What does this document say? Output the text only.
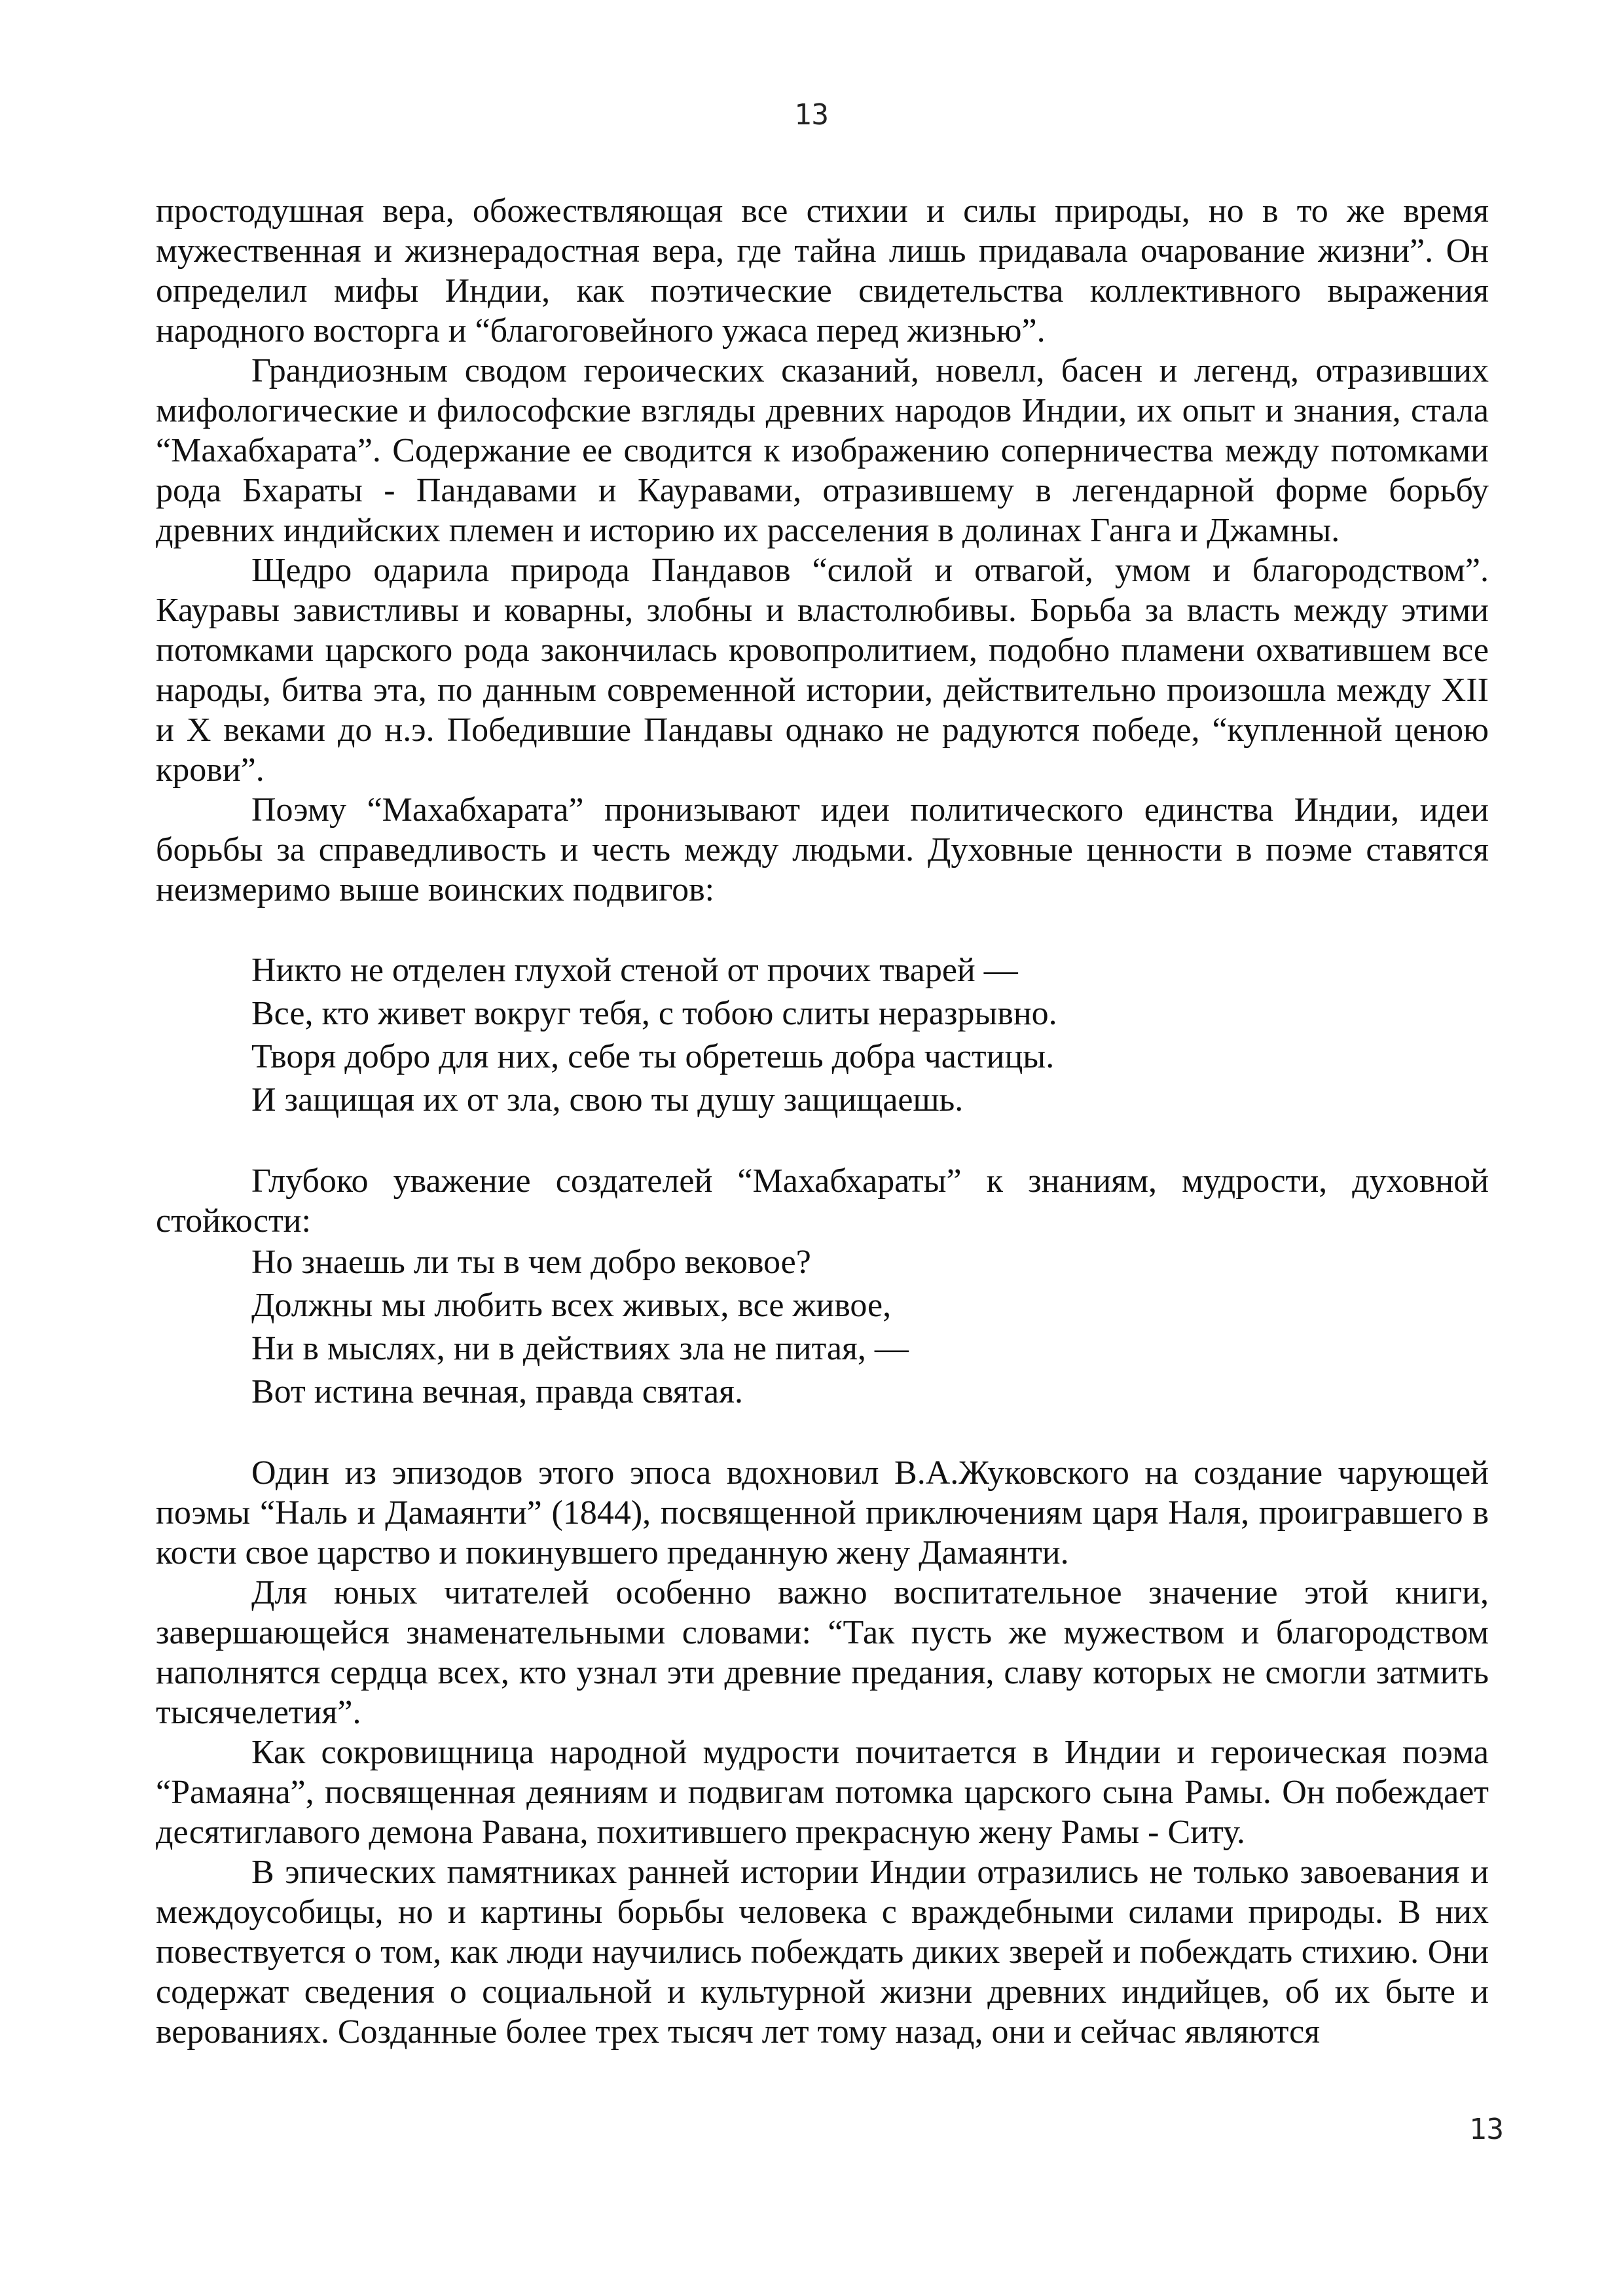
13

простодушная вера, обожествляющая все стихии и силы природы, но в то же время мужественная и жизнерадостная вера, где тайна лишь придавала очарование жизни”. Он определил мифы Индии, как поэтические свидетельства коллективного выражения народного восторга и “благоговейного ужаса перед жизнью”.

Грандиозным сводом героических сказаний, новелл, басен и легенд, отразивших мифологические и философские взгляды древних народов Индии, их опыт и знания, стала “Махабхарата”. Содержание ее сводится к изображению соперничества между потомками рода Бхараты - Пандавами и Кауравами, отразившему в легендарной форме борьбу древних индийских племен и историю их расселения в долинах Ганга и Джамны.

Щедро одарила природа Пандавов “силой и отвагой, умом и благородством”. Кауравы завистливы и коварны, злобны и властолюбивы. Борьба за власть между этими потомками царского рода закончилась кровопролитием, подобно пламени охватившем все народы, битва эта, по данным современной истории, действительно произошла между XII и X веками до н.э. Победившие Пандавы однако не радуются победе, “купленной ценою крови”.

Поэму “Махабхарата” пронизывают идеи политического единства Индии, идеи борьбы за справедливость и честь между людьми. Духовные ценности в поэме ставятся неизмеримо выше воинских подвигов:

Никто не отделен глухой стеной от прочих тварей —
Все, кто живет вокруг тебя, с тобою слиты неразрывно.
Творя добро для них, себе ты обретешь добра частицы.
И защищая их от зла, свою ты душу защищаешь.

Глубоко уважение создателей “Махабхараты” к знаниям, мудрости, духовной стойкости:

Но знаешь ли ты в чем добро вековое?
Должны мы любить всех живых, все живое,
Ни в мыслях, ни в действиях зла не питая, —
Вот истина вечная, правда святая.

Один из эпизодов этого эпоса вдохновил В.А.Жуковского на создание чарующей поэмы “Наль и Дамаянти” (1844), посвященной приключениям царя Наля, проигравшего в кости свое царство и покинувшего преданную жену Дамаянти.

Для юных читателей особенно важно воспитательное значение этой книги, завершающейся знаменательными словами: “Так пусть же мужеством и благородством наполнятся сердца всех, кто узнал эти древние предания, славу которых не смогли затмить тысячелетия”.

Как сокровищница народной мудрости почитается в Индии и героическая поэма “Рамаяна”, посвященная деяниям и подвигам потомка царского сына Рамы. Он побеждает десятиглавого демона Равана, похитившего прекрасную жену Рамы - Ситу.

В эпических памятниках ранней истории Индии отразились не только завоевания и междоусобицы, но и картины борьбы человека с враждебными силами природы. В них повествуется о том, как люди научились побеждать диких зверей и побеждать стихию. Они содержат сведения о социальной и культурной жизни древних индийцев, об их быте и верованиях. Созданные более трех тысяч лет тому назад, они и сейчас являются

13
